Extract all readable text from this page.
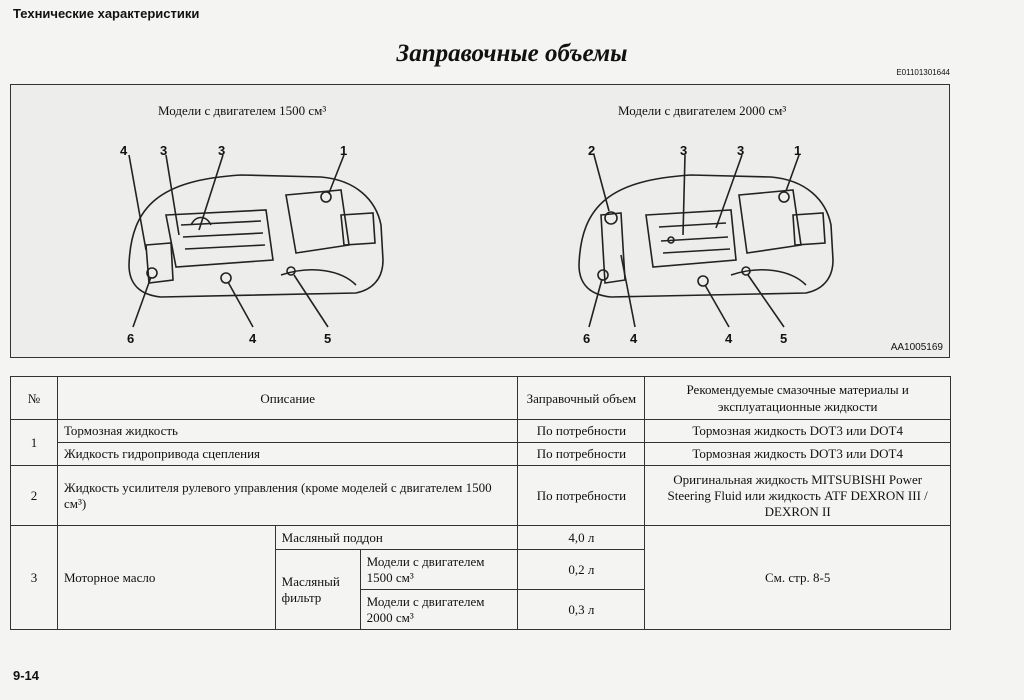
Технические характеристики
Заправочные объемы
E01101301644
Модели с двигателем 1500 см³	Модели с двигателем 2000 см³
4	3	3	1
6	4	5
2	3	3	1
6	4	4	5
AA1005169
№	Описание			Заправочный объем	Рекомендуемые смазочные материалы и эксплуатационные жидкости
1	Тормозная жидкость			По потребности	Тормозная жидкость DOT3 или DOT4
	Жидкость гидропривода сцепления			По потребности	Тормозная жидкость DOT3 или DOT4
2	Жидкость усилителя рулевого управления (кроме моделей с двигателем 1500 см³)			По потребности	Оригинальная жидкость MITSUBISHI Power Steering Fluid или жидкость ATF DEXRON III / DEXRON II
3	Моторное масло	Масляный поддон		4,0 л	См. стр. 8-5
		Масляный фильтр	Модели с двигателем 1500 см³	0,2 л	
			Модели с двигателем 2000 см³	0,3 л	
9-14
